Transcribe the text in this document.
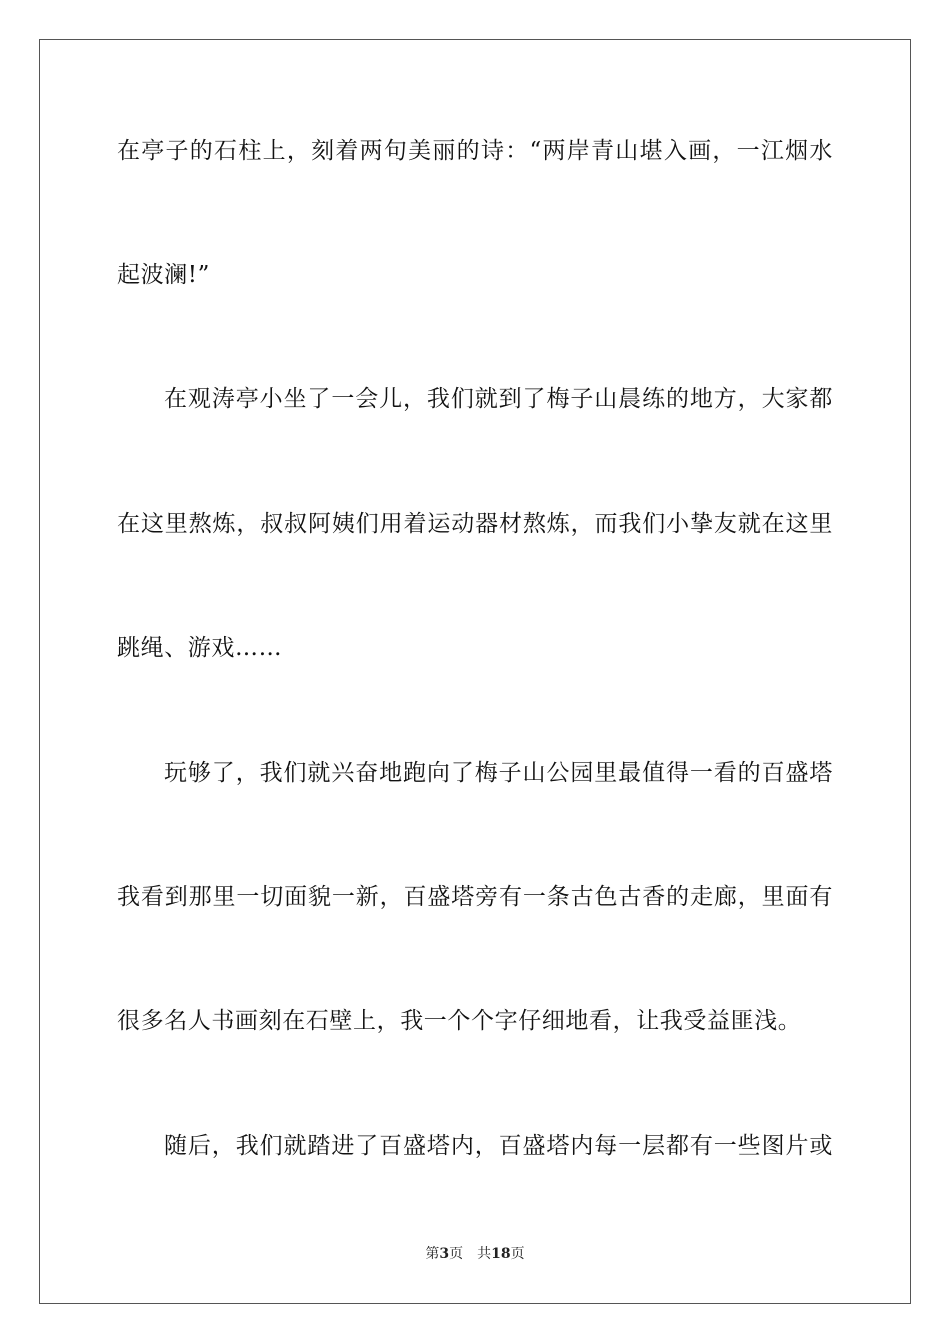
在亭子的石柱上，刻着两句美丽的诗：“两岸青山堪入画，一江烟水
起波澜!”
在观涛亭小坐了一会儿，我们就到了梅子山晨练的地方，大家都
在这里熬炼，叔叔阿姨们用着运动器材熬炼，而我们小挚友就在这里
跳绳、游戏……
玩够了，我们就兴奋地跑向了梅子山公园里最值得一看的百盛塔
我看到那里一切面貌一新，百盛塔旁有一条古色古香的走廊，里面有
很多名人书画刻在石壁上，我一个个字仔细地看，让我受益匪浅。
随后，我们就踏进了百盛塔内，百盛塔内每一层都有一些图片或
第3页 共18页
